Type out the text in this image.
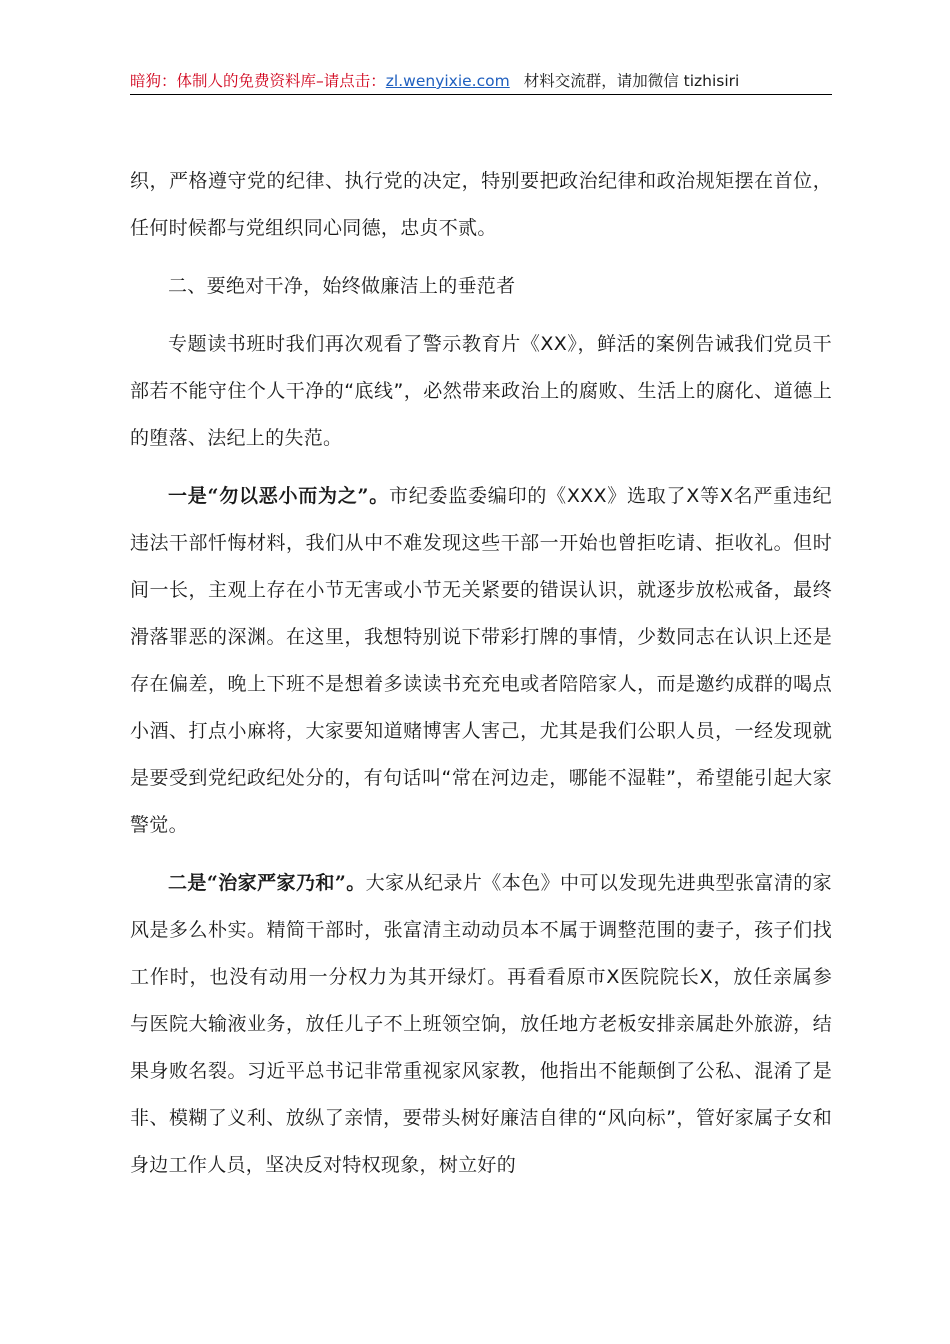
暗狗：体制人的免费资料库–请点击：zl.wenyixie.com 材料交流群，请加微信 tizhisiri

织，严格遵守党的纪律、执行党的决定，特别要把政治纪律和政治规矩摆在首位，任何时候都与党组织同心同德，忠贞不贰。

二、要绝对干净，始终做廉洁上的垂范者

专题读书班时我们再次观看了警示教育片《XX》，鲜活的案例告诫我们党员干部若不能守住个人干净的“底线”，必然带来政治上的腐败、生活上的腐化、道德上的堕落、法纪上的失范。

一是“勿以恶小而为之”。市纪委监委编印的《XXX》选取了X等X名严重违纪违法干部忏悔材料，我们从中不难发现这些干部一开始也曾拒吃请、拒收礼。但时间一长，主观上存在小节无害或小节无关紧要的错误认识，就逐步放松戒备，最终滑落罪恶的深渊。在这里，我想特别说下带彩打牌的事情，少数同志在认识上还是存在偏差，晚上下班不是想着多读读书充充电或者陪陪家人，而是邀约成群的喝点小酒、打点小麻将，大家要知道赌博害人害己，尤其是我们公职人员，一经发现就是要受到党纪政纪处分的，有句话叫“常在河边走，哪能不湿鞋”，希望能引起大家警觉。

二是“治家严家乃和”。大家从纪录片《本色》中可以发现先进典型张富清的家风是多么朴实。精简干部时，张富清主动动员本不属于调整范围的妻子，孩子们找工作时，也没有动用一分权力为其开绿灯。再看看原市X医院院长X，放任亲属参与医院大输液业务，放任儿子不上班领空饷，放任地方老板安排亲属赴外旅游，结果身败名裂。习近平总书记非常重视家风家教，他指出不能颠倒了公私、混淆了是非、模糊了义利、放纵了亲情，要带头树好廉洁自律的“风向标”，管好家属子女和身边工作人员，坚决反对特权现象，树立好的
